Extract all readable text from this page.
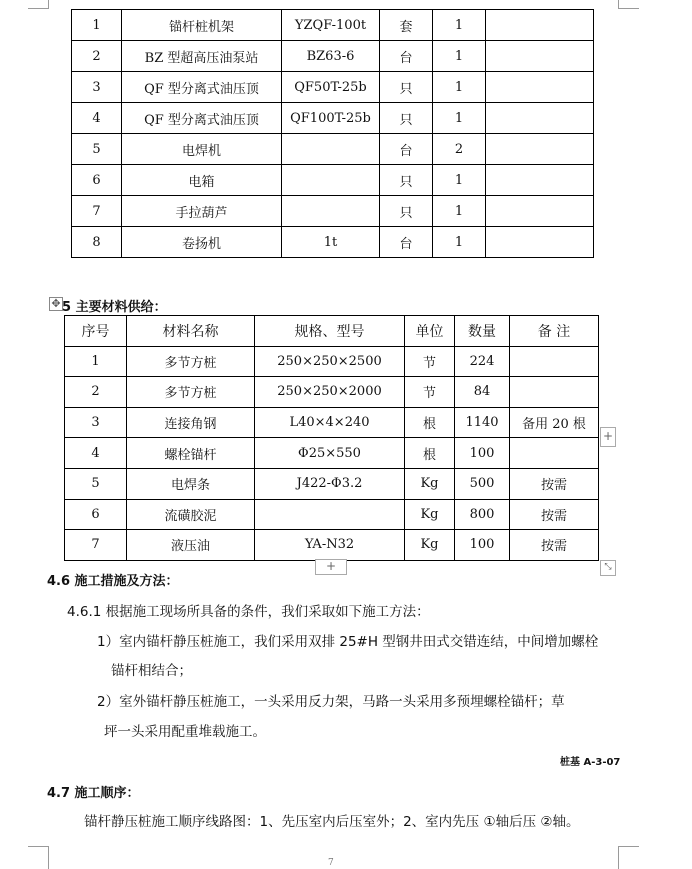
1	锚杆桩机架	YZQF-100t	套	1	
2	BZ 型超高压油泵站	BZ63-6	台	1	
3	QF 型分离式油压顶	QF50T-25b	只	1	
4	QF 型分离式油压顶	QF100T-25b	只	1	
5	电焊机		台	2	
6	电箱		只	1	
7	手拉葫芦		只	1	
8	卷扬机	1t	台	1	
✥ 5 主要材料供给：
序号	材料名称	规格、型号	单位	数量	备 注
1	多节方桩	250×250×2500	节	224	
2	多节方桩	250×250×2000	节	84	
3	连接角钢	L40×4×240	根	1140	备用 20 根
4	螺栓锚杆	Φ25×550	根	100	
5	电焊条	J422-Φ3.2	Kg	500	按需
6	流磺胶泥		Kg	800	按需
7	液压油	YA-N32	Kg	100	按需
+
+	⤡
4.6 施工措施及方法：
4.6.1 根据施工现场所具备的条件，我们采取如下施工方法：
1）室内锚杆静压桩施工，我们采用双排 25#H 型钢井田式交错连结，中间增加螺栓
锚杆相结合；
2）室外锚杆静压桩施工，一头采用反力架，马路一头采用多预埋螺栓锚杆；草
坪一头采用配重堆载施工。
桩基 A-3-07
4.7 施工顺序：
锚杆静压桩施工顺序线路图：1、先压室内后压室外；2、室内先压 ①轴后压 ②轴。
7
